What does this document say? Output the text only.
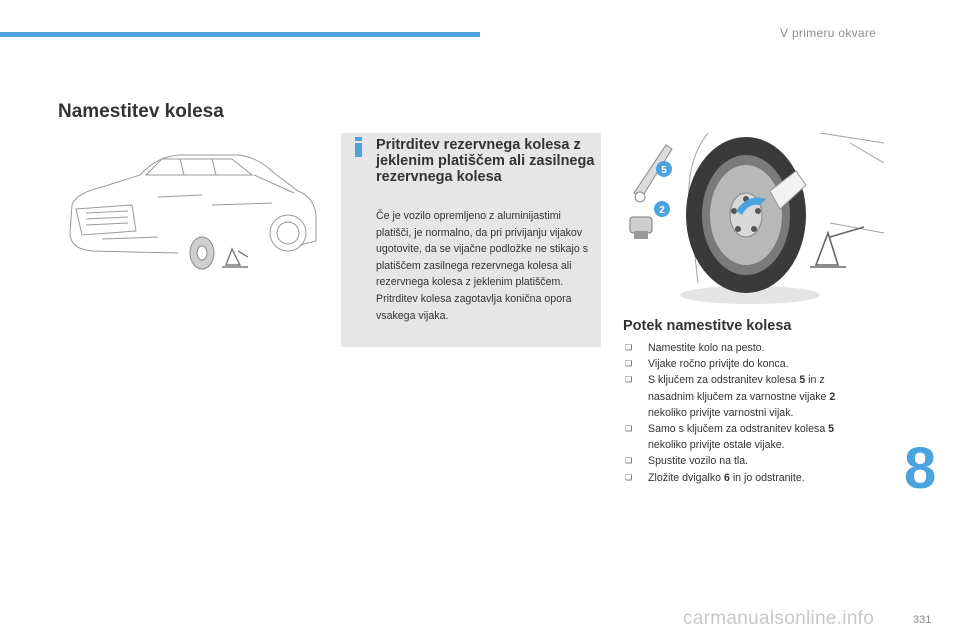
V primeru okvare
Namestitev kolesa
Pritrditev rezervnega kolesa z jeklenim platiščem ali zasilnega rezervnega kolesa

Če je vozilo opremljeno z aluminijastimi platišči, je normalno, da pri privijanju vijakov ugotovite, da se vijačne podložke ne stikajo s platiščem zasilnega rezervnega kolesa ali rezervnega kolesa z jeklenim platiščem. Pritrditev kolesa zagotavlja konična opora vsakega vijaka.

5
2
Potek namestitve kolesa
❏ Namestite kolo na pesto.
❏ Vijake ročno privijte do konca.
❏ S ključem za odstranitev kolesa 5 in z nasadnim ključem za varnostne vijake 2 nekoliko privijte varnostni vijak.
❏ Samo s ključem za odstranitev kolesa 5 nekoliko privijte ostale vijake.
❏ Spustite vozilo na tla.
❏ Zložite dvigalko 6 in jo odstranite.	8
331
carmanualsonline.info
